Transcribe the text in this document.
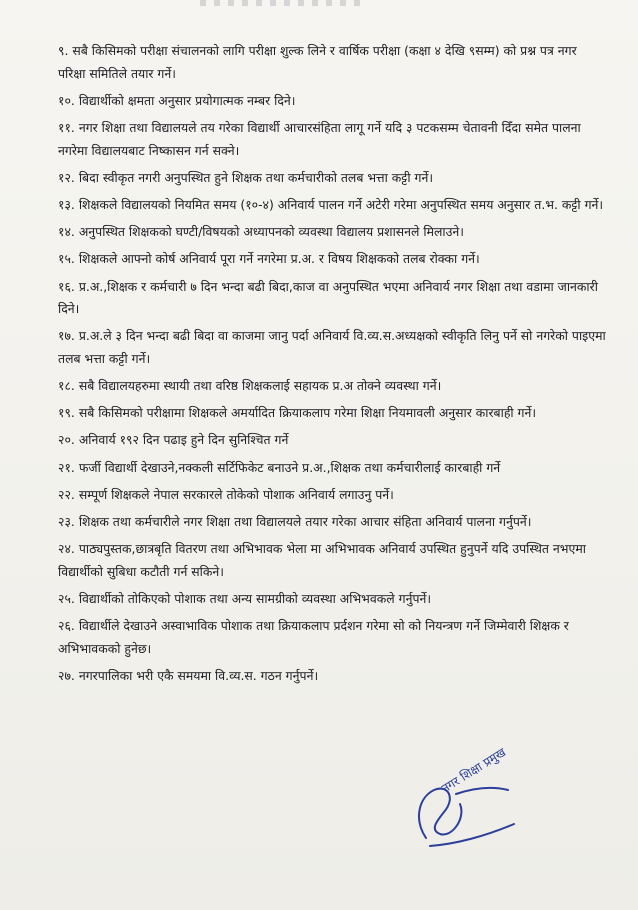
९. सबै किसिमको परीक्षा संचालनको लागि परीक्षा शुल्क लिने र वार्षिक परीक्षा (कक्षा ४ देखि ९सम्म) को प्रश्न पत्र नगर परिक्षा समितिले तयार गर्ने।

१०. विद्यार्थीको क्षमता अनुसार प्रयोगात्मक नम्बर दिने।

११. नगर शिक्षा तथा विद्यालयले तय गरेका विद्यार्थी आचारसंहिता लागू गर्ने यदि ३ पटकसम्म चेतावनी दिँदा समेत पालना नगरेमा विद्यालयबाट निष्कासन गर्न सक्ने।

१२. बिदा स्वीकृत नगरी अनुपस्थित हुने शिक्षक तथा कर्मचारीको तलब भत्ता कट्टी गर्ने।

१३. शिक्षकले विद्यालयको नियमित समय (१०-४) अनिवार्य पालन गर्ने अटेरी गरेमा अनुपस्थित समय अनुसार त.भ. कट्टी गर्ने।

१४. अनुपस्थित शिक्षकको घण्टी/विषयको अध्यापनको व्यवस्था विद्यालय प्रशासनले मिलाउने।

१५. शिक्षकले आफ्नो कोर्ष अनिवार्य पूरा गर्ने नगरेमा प्र.अ. र विषय शिक्षकको तलब रोक्का गर्ने।

१६. प्र.अ.,शिक्षक र कर्मचारी ७ दिन भन्दा बढी बिदा,काज वा अनुपस्थित भएमा अनिवार्य नगर शिक्षा तथा वडामा जानकारी दिने।

१७. प्र.अ.ले ३ दिन भन्दा बढी बिदा वा काजमा जानु पर्दा अनिवार्य वि.व्य.स.अध्यक्षको स्वीकृति लिनु पर्ने सो नगरेको पाइएमा तलब भत्ता कट्टी गर्ने।

१८. सबै विद्यालयहरुमा स्थायी तथा वरिष्ठ शिक्षकलाई सहायक प्र.अ तोक्ने व्यवस्था गर्ने।

१९. सबै किसिमको परीक्षामा शिक्षकले अमर्यादित क्रियाकलाप गरेमा शिक्षा नियमावली अनुसार कारबाही गर्ने।

२०. अनिवार्य १९२ दिन पढाइ हुने दिन सुनिश्चित गर्ने

२१. फर्जी विद्यार्थी देखाउने,नक्कली सर्टिफिकेट बनाउने प्र.अ.,शिक्षक तथा कर्मचारीलाई कारबाही गर्ने

२२. सम्पूर्ण शिक्षकले नेपाल सरकारले तोकेको पोशाक अनिवार्य लगाउनु पर्ने।

२३. शिक्षक तथा कर्मचारीले नगर शिक्षा तथा विद्यालयले तयार गरेका आचार संहिता अनिवार्य पालना गर्नुपर्ने।

२४. पाठ्यपुस्तक,छात्रबृति वितरण तथा अभिभावक भेला मा अभिभावक अनिवार्य उपस्थित हुनुपर्ने यदि उपस्थित नभएमा विद्यार्थीको सुबिधा कटौती गर्न सकिने।

२५. विद्यार्थीको तोकिएको पोशाक तथा अन्य सामग्रीको व्यवस्था अभिभवकले गर्नुपर्ने।

२६. विद्यार्थीले देखाउने अस्वाभाविक पोशाक तथा क्रियाकलाप प्रर्दशन गरेमा सो को नियन्त्रण गर्ने जिम्मेवारी शिक्षक र अभिभावकको हुनेछ।

२७. नगरपालिका भरी एकै समयमा वि.व्य.स. गठन गर्नुपर्ने।

नगर शिक्षा प्रमुख
